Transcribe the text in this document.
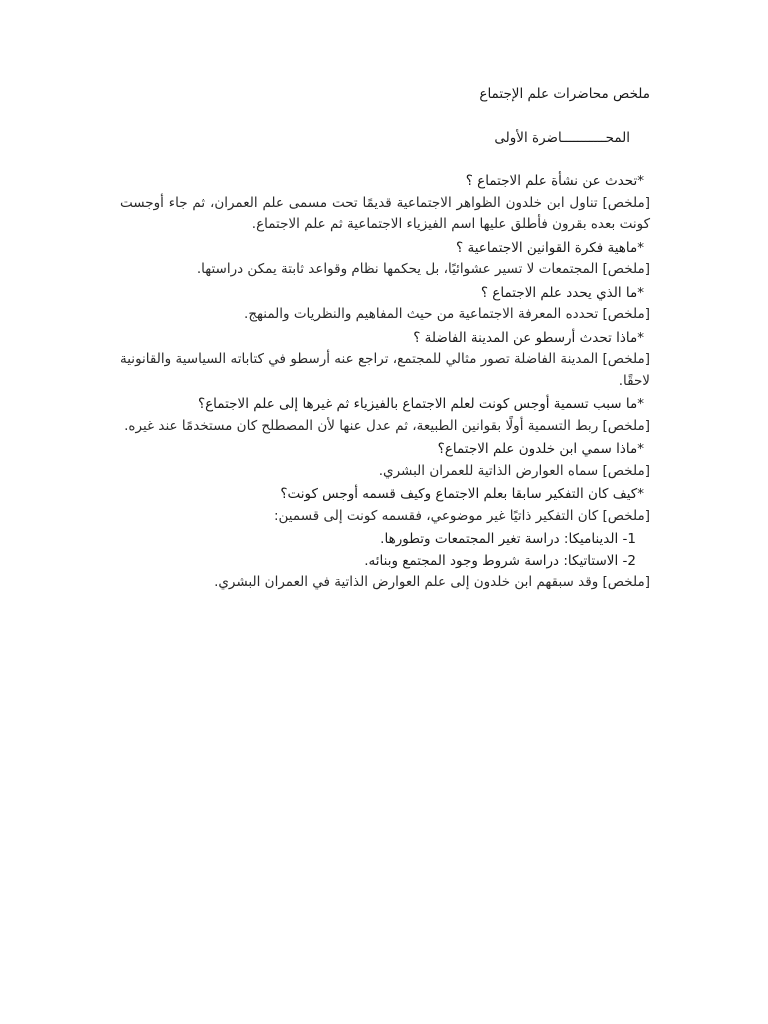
ملخص محاضرات علم الإجتماع

المحـــــــــــاضرة الأولى

*تحدث عن نشأة علم الاجتماع ؟

[ملخص] تناول ابن خلدون الظواهر الاجتماعية قديمًا تحت مسمى علم العمران، ثم جاء أوجست كونت بعده بقرون فأطلق عليها اسم الفيزياء الاجتماعية ثم علم الاجتماع.

*ماهية فكرة القوانين الاجتماعية ؟

[ملخص] المجتمعات لا تسير عشوائيًا، بل يحكمها نظام وقواعد ثابتة يمكن دراستها.

*ما الذي يحدد علم الاجتماع ؟

[ملخص] تحدده المعرفة الاجتماعية من حيث المفاهيم والنظريات والمنهج.

*ماذا تحدث أرسطو عن المدينة الفاضلة ؟

[ملخص] المدينة الفاضلة تصور مثالي للمجتمع، تراجع عنه أرسطو في كتاباته السياسية والقانونية لاحقًا.

*ما سبب تسمية أوجس كونت لعلم الاجتماع بالفيزياء ثم غيرها إلى علم الاجتماع؟

[ملخص] ربط التسمية أولًا بقوانين الطبيعة، ثم عدل عنها لأن المصطلح كان مستخدمًا عند غيره.

*ماذا سمي ابن خلدون علم الاجتماع؟

[ملخص] سماه العوارض الذاتية للعمران البشري.

*كيف كان التفكير سابقا بعلم الاجتماع وكيف قسمه أوجس كونت؟

[ملخص] كان التفكير ذاتيًا غير موضوعي، فقسمه كونت إلى قسمين:

1- الديناميكا: دراسة تغير المجتمعات وتطورها.
2- الاستاتيكا: دراسة شروط وجود المجتمع وبنائه.

[ملخص] وقد سبقهم ابن خلدون إلى علم العوارض الذاتية في العمران البشري.
